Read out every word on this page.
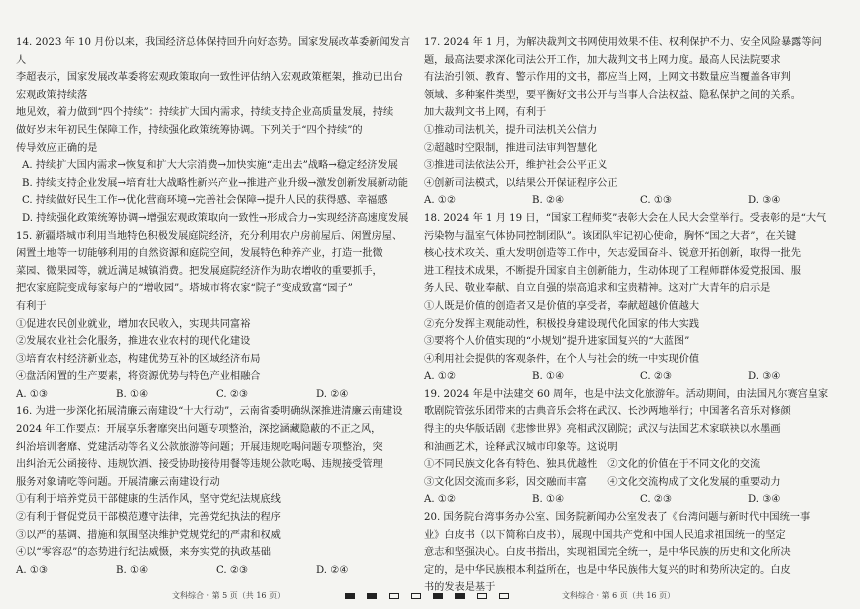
14. 2023 年 10 月份以来，我国经济总体保持回升向好态势。国家发展改革委新闻发言人
李超表示，国家发展改革委将宏观政策取向一致性评估纳入宏观政策框架，推动已出台宏观政策持续落
地见效，着力做到“四个持续”：持续扩大国内需求，持续支持企业高质量发展，持续
做好岁末年初民生保障工作，持续强化政策统筹协调。下列关于“四个持续”的
传导效应正确的是
A. 持续扩大国内需求→恢复和扩大大宗消费→加快实施“走出去”战略→稳定经济发展
B. 持续支持企业发展→培育壮大战略性新兴产业→推进产业升级→激发创新发展新动能
C. 持续做好民生工作→优化营商环境→完善社会保障→提升人民的获得感、幸福感
D. 持续强化政策统筹协调→增强宏观政策取向一致性→形成合力→实现经济高速度发展
15. 新疆塔城市利用当地特色积极发展庭院经济，充分利用农户房前屋后、闲置房屋、
闲置土地等一切能够利用的自然资源和庭院空间，发展特色种养产业，打造一批微
菜园、微果园等，就近满足城镇消费。把发展庭院经济作为助农增收的重要抓手，
把农家庭院变成每家每户的“增收园”。塔城市将农家“院子”变成致富“园子”
有利于
①促进农民创业就业，增加农民收入，实现共同富裕
②发展农业社会化服务，推进农业农村的现代化建设
③培育农村经济新业态，构建优势互补的区域经济布局
④盘活闲置的生产要素，将资源优势与特色产业相融合
A. ①③	B. ①④	C. ②③	D. ②④
16. 为进一步深化拓展清廉云南建设“十大行动”，云南省委明确纵深推进清廉云南建设
2024 年工作要点：开展享乐奢靡突出问题专项整治，深挖涵藏隐蔽的不正之风，
纠治培训奢靡、党建活动等名义公款旅游等问题；开展违规吃喝问题专项整治，突
出纠治无公函接待、违规饮酒、接受协助接待用餐等违规公款吃喝、违规接受管理
服务对象请吃等问题。开展清廉云南建设行动
①有利于培养党员干部健康的生活作风，坚守党纪法规底线
②有利于督促党员干部模范遵守法律，完善党纪执法的程序
③以严的基调、措施和氛围坚决维护党规党纪的严肃和权威
④以“零容忍”的态势进行纪法威慑，来夯实党的执政基础
A. ①③	B. ①④	C. ②③	D. ②④
17. 2024 年 1 月，为解决裁判文书网使用效果不佳、权利保护不力、安全风险暴露等问
题，最高法要求深化司法公开工作，加大裁判文书上网力度。最高人民法院要求
有法治引领、教育、警示作用的文书，都应当上网，上网文书数量应当覆盖各审判
领域、多种案件类型，要平衡好文书公开与当事人合法权益、隐私保护之间的关系。
加大裁判文书上网，有利于
①推动司法机关，提升司法机关公信力
②超越时空限制，推进司法审判智慧化
③推进司法依法公开，维护社会公平正义
④创新司法模式，以结果公开保证程序公正
A. ①②	B. ②④	C. ①③	D. ③④
18. 2024 年 1 月 19 日，“国家工程师奖”表彰大会在人民大会堂举行。受表彰的是“大气
污染物与温室气体协同控制团队”。该团队牢记初心使命，胸怀“国之大者”，在关键
核心技术攻关、重大发明创造等工作中，矢志爱国奋斗、锐意开拓创新，取得一批先
进工程技术成果，不断提升国家自主创新能力，生动体现了工程师群体爱党报国、服
务人民、敬业奉献、自立自强的崇高追求和宝贵精神。这对广大青年的启示是
①人既是价值的创造者又是价值的享受者，奉献超越价值越大
②充分发挥主观能动性，积极投身建设现代化国家的伟大实践
③要将个人价值实现的“小规划”提升进家国复兴的“大蓝图”
④利用社会提供的客观条件，在个人与社会的统一中实现价值
A. ①②	B. ①④	C. ②③	D. ③④
19. 2024 年是中法建交 60 周年，也是中法文化旅游年。活动期间，由法国凡尔赛宫皇家
歌剧院管弦乐团带来的古典音乐会将在武汉、长沙两地举行；中国著名音乐对修颜
得主的央华版话剧《悲惨世界》亮相武汉剧院；武汉与法国艺术家联袂以水墨画
和油画艺术，诠释武汉城市印象等。这说明
①不同民族文化各有特色、独具优越性　②文化的价值在于不同文化的交流
③文化因交流而多彩，因交融而丰富　　④文化交流构成了文化发展的重要动力
A. ①②	B. ①④	C. ②③	D. ③④
20. 国务院台湾事务办公室、国务院新闻办公室发表了《台湾问题与新时代中国统一事
业》白皮书（以下简称白皮书），展现中国共产党和中国人民追求祖国统一的坚定
意志和坚强决心。白皮书指出，实现祖国完全统一，是中华民族的历史和文化所决
定的，是中华民族根本利益所在，也是中华民族伟大复兴的时和势所决定的。白皮
书的发表是基于
文科综合 · 第 5 页（共 16 页）	文科综合 · 第 6 页（共 16 页）
